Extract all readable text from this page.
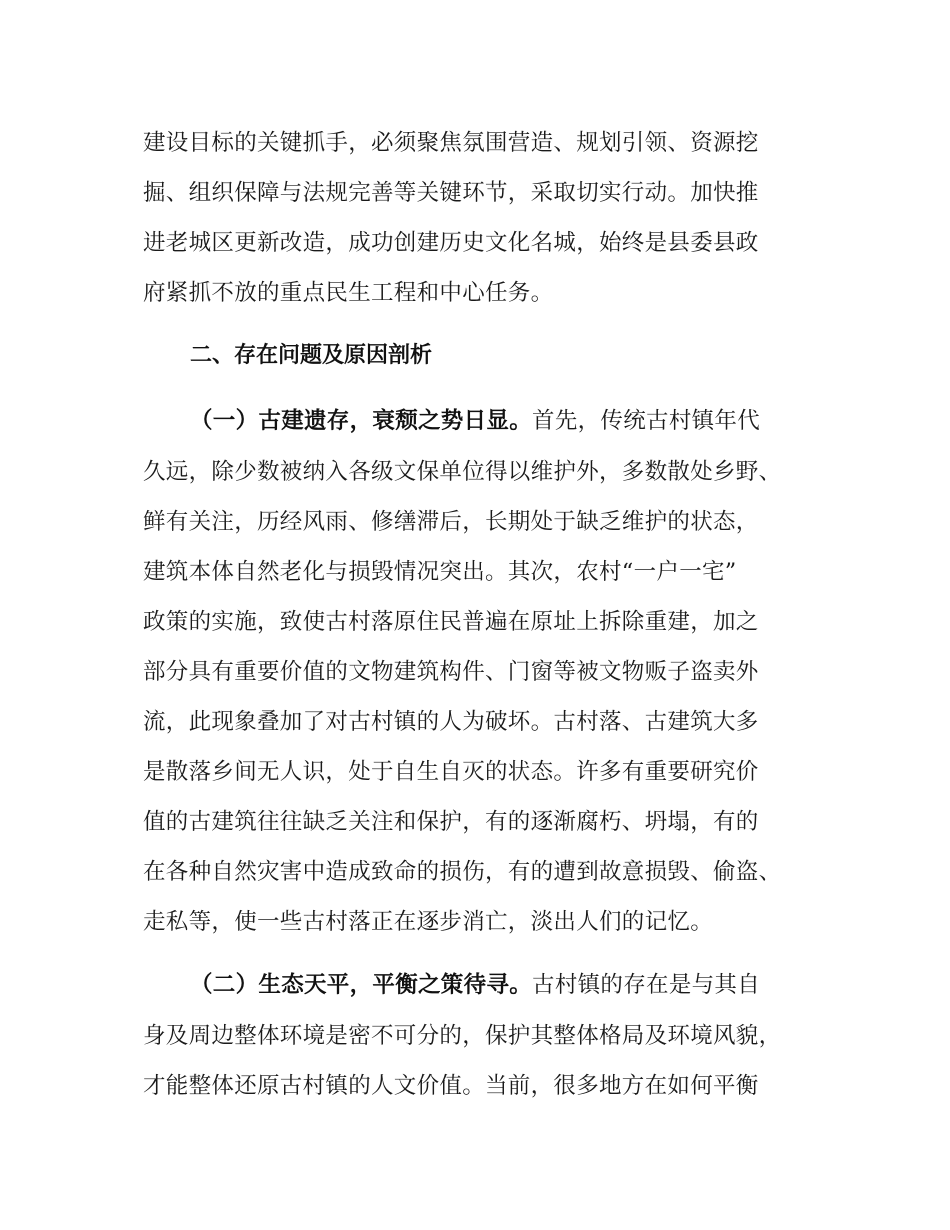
建设目标的关键抓手，必须聚焦氛围营造、规划引领、资源挖
掘、组织保障与法规完善等关键环节，采取切实行动。加快推
进老城区更新改造，成功创建历史文化名城，始终是县委县政
府紧抓不放的重点民生工程和中心任务。
二、存在问题及原因剖析
（一）古建遗存，衰颓之势日显。首先，传统古村镇年代
久远，除少数被纳入各级文保单位得以维护外，多数散处乡野、
鲜有关注，历经风雨、修缮滞后，长期处于缺乏维护的状态，
建筑本体自然老化与损毁情况突出。其次，农村“一户一宅”
政策的实施，致使古村落原住民普遍在原址上拆除重建，加之
部分具有重要价值的文物建筑构件、门窗等被文物贩子盗卖外
流，此现象叠加了对古村镇的人为破坏。古村落、古建筑大多
是散落乡间无人识，处于自生自灭的状态。许多有重要研究价
值的古建筑往往缺乏关注和保护，有的逐渐腐朽、坍塌，有的
在各种自然灾害中造成致命的损伤，有的遭到故意损毁、偷盗、
走私等，使一些古村落正在逐步消亡，淡出人们的记忆。
（二）生态天平，平衡之策待寻。古村镇的存在是与其自
身及周边整体环境是密不可分的，保护其整体格局及环境风貌，
才能整体还原古村镇的人文价值。当前，很多地方在如何平衡
